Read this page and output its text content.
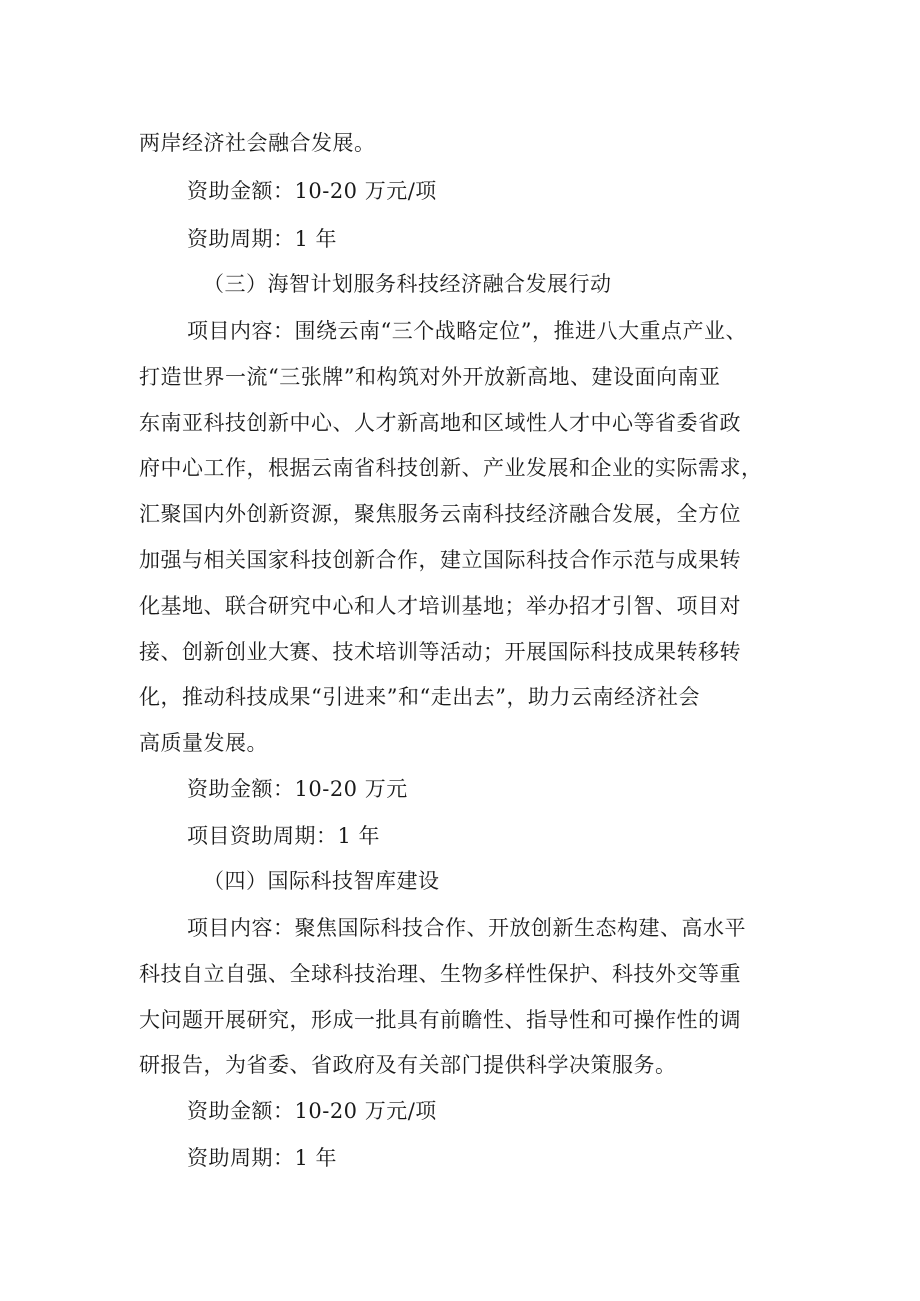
两岸经济社会融合发展。
资助金额：10-20 万元/项
资助周期：1 年
（三）海智计划服务科技经济融合发展行动
项目内容：围绕云南“三个战略定位”，推进八大重点产业、
打造世界一流“三张牌”和构筑对外开放新高地、建设面向南亚
东南亚科技创新中心、人才新高地和区域性人才中心等省委省政
府中心工作，根据云南省科技创新、产业发展和企业的实际需求，
汇聚国内外创新资源，聚焦服务云南科技经济融合发展，全方位
加强与相关国家科技创新合作，建立国际科技合作示范与成果转
化基地、联合研究中心和人才培训基地；举办招才引智、项目对
接、创新创业大赛、技术培训等活动；开展国际科技成果转移转
化，推动科技成果“引进来”和“走出去”，助力云南经济社会
高质量发展。
资助金额：10-20 万元
项目资助周期：1 年
（四）国际科技智库建设
项目内容：聚焦国际科技合作、开放创新生态构建、高水平
科技自立自强、全球科技治理、生物多样性保护、科技外交等重
大问题开展研究，形成一批具有前瞻性、指导性和可操作性的调
研报告，为省委、省政府及有关部门提供科学决策服务。
资助金额：10-20 万元/项
资助周期：1 年
